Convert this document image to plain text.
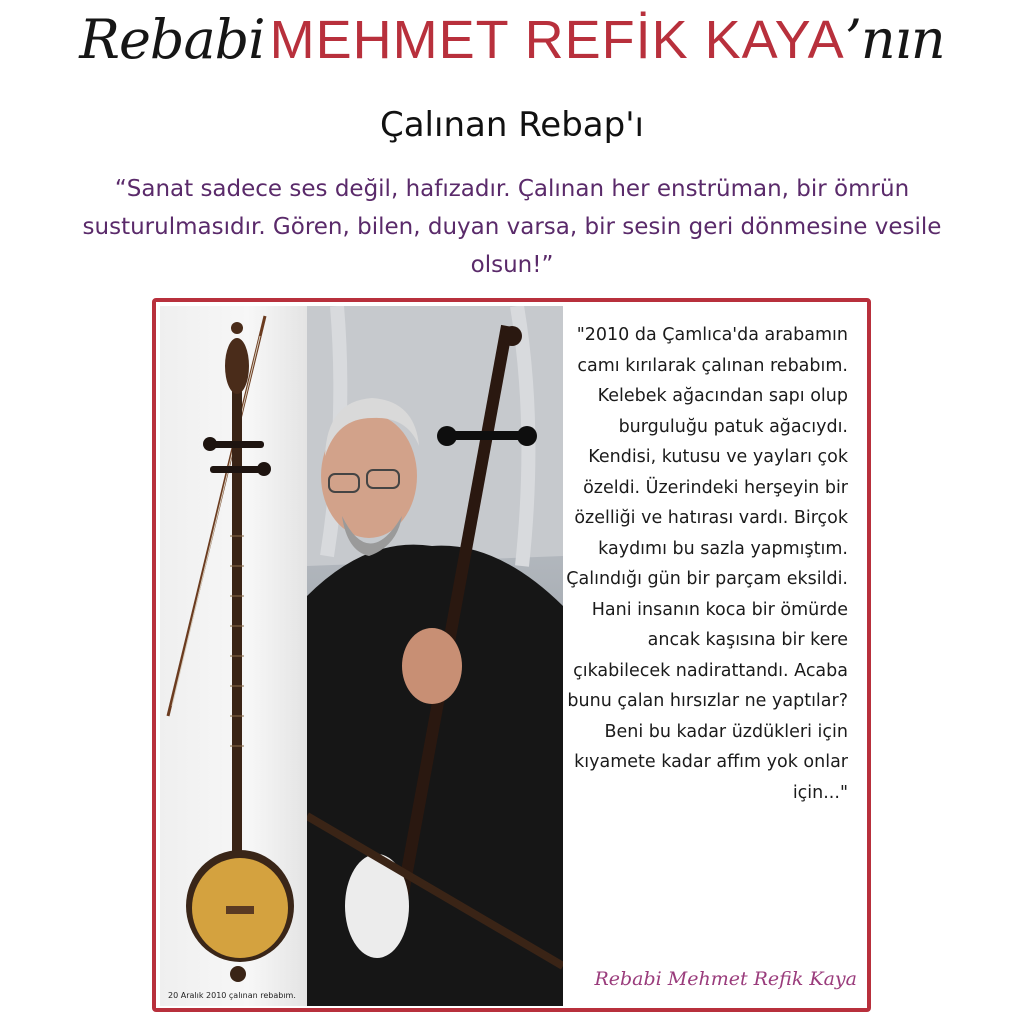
Rebabi MEHMET REFİK KAYA’nın
Çalınan Rebap'ı
“Sanat sadece ses değil, hafızadır. Çalınan her enstrüman, bir ömrün susturulmasıdır. Gören, bilen, duyan varsa, bir sesin geri dönmesine vesile olsun!”
20 Aralık 2010 çalınan rebabım.
"2010 da Çamlıca'da arabamın camı kırılarak çalınan rebabım. Kelebek ağacından sapı olup burguluğu patuk ağacıydı. Kendisi, kutusu ve yayları çok özeldi. Üzerindeki herşeyin bir özelliği ve hatırası vardı. Birçok kaydımı bu sazla yapmıştım. Çalındığı gün bir parçam eksildi. Hani insanın koca bir ömürde ancak kaşısına bir kere çıkabilecek nadirattandı. Acaba bunu çalan hırsızlar ne yaptılar? Beni bu kadar üzdükleri için kıyamete kadar affım yok onlar için..."
Rebabi Mehmet Refik Kaya
